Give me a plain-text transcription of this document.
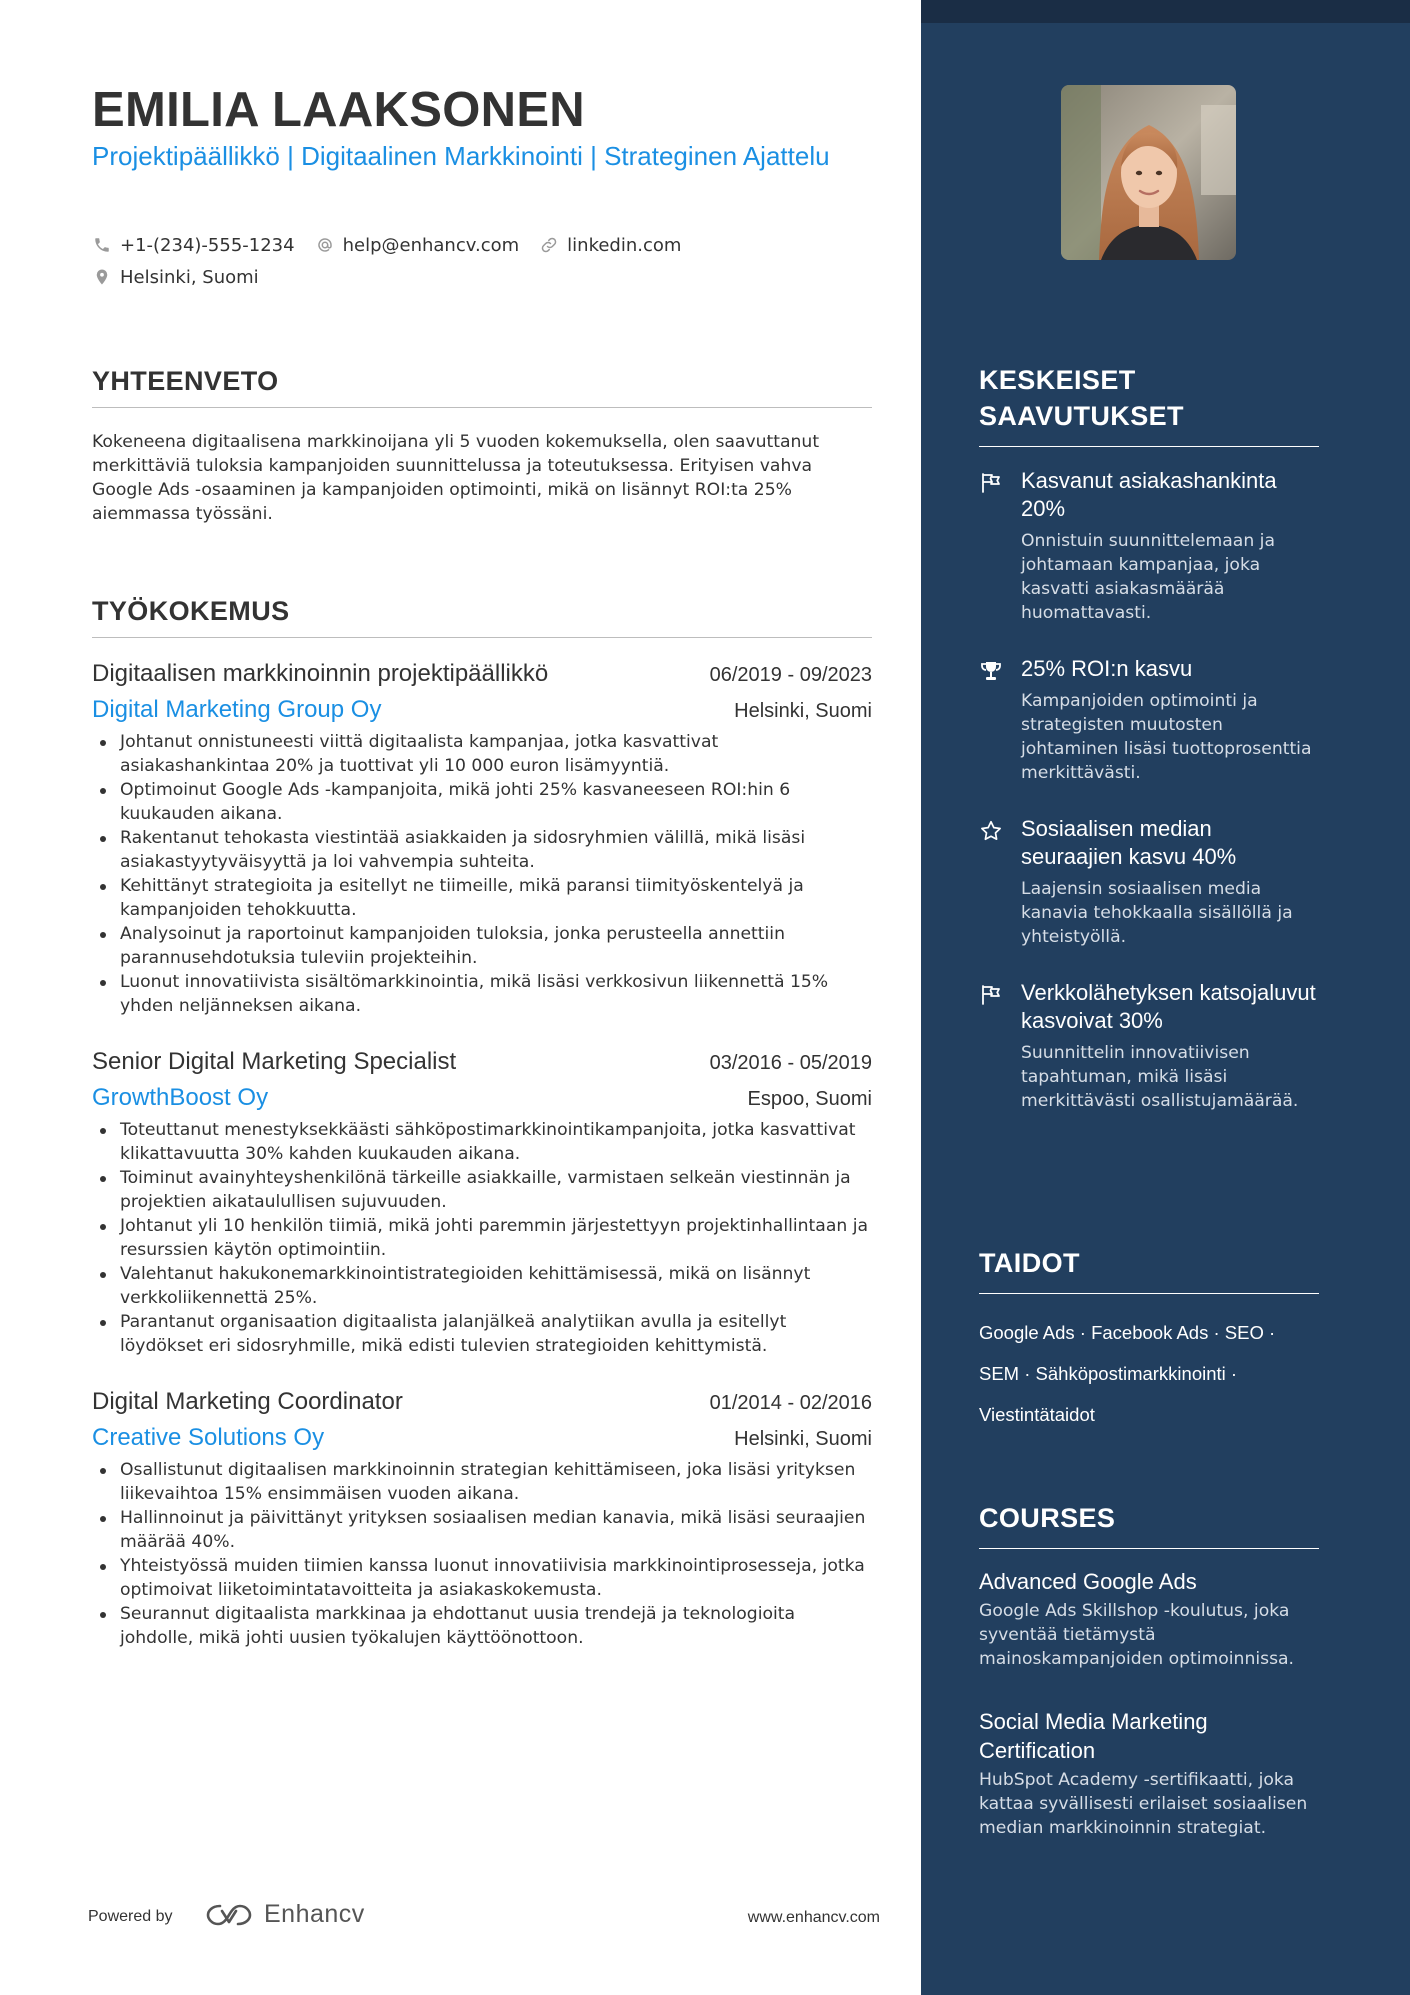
EMILIA LAAKSONEN
Projektipäällikkö | Digitaalinen Markkinointi | Strateginen Ajattelu
+1-(234)-555-1234	help@enhancv.com	linkedin.com
Helsinki, Suomi
YHTEENVETO

Kokeneena digitaalisena markkinoijana yli 5 vuoden kokemuksella, olen saavuttanut merkittäviä tuloksia kampanjoiden suunnittelussa ja toteutuksessa. Erityisen vahva Google Ads -osaaminen ja kampanjoiden optimointi, mikä on lisännyt ROI:ta 25% aiemmassa työssäni.

TYÖKOKEMUS
Digitaalisen markkinoinnin projektipäällikkö	06/2019 - 09/2023
Digital Marketing Group Oy	Helsinki, Suomi
Johtanut onnistuneesti viittä digitaalista kampanjaa, jotka kasvattivat asiakashankintaa 20% ja tuottivat yli 10 000 euron lisämyyntiä.
Optimoinut Google Ads -kampanjoita, mikä johti 25% kasvaneeseen ROI:hin 6 kuukauden aikana.
Rakentanut tehokasta viestintää asiakkaiden ja sidosryhmien välillä, mikä lisäsi asiakastyytyväisyyttä ja loi vahvempia suhteita.
Kehittänyt strategioita ja esitellyt ne tiimeille, mikä paransi tiimityöskentelyä ja kampanjoiden tehokkuutta.
Analysoinut ja raportoinut kampanjoiden tuloksia, jonka perusteella annettiin parannusehdotuksia tuleviin projekteihin.
Luonut innovatiivista sisältömarkkinointia, mikä lisäsi verkkosivun liikennettä 15% yhden neljänneksen aikana.
Senior Digital Marketing Specialist	03/2016 - 05/2019
GrowthBoost Oy	Espoo, Suomi
Toteuttanut menestyksekkäästi sähköpostimarkkinointikampanjoita, jotka kasvattivat klikattavuutta 30% kahden kuukauden aikana.
Toiminut avainyhteyshenkilönä tärkeille asiakkaille, varmistaen selkeän viestinnän ja projektien aikataulullisen sujuvuuden.
Johtanut yli 10 henkilön tiimiä, mikä johti paremmin järjestettyyn projektinhallintaan ja resurssien käytön optimointiin.
Valehtanut hakukonemarkkinointistrategioiden kehittämisessä, mikä on lisännyt verkkoliikennettä 25%.
Parantanut organisaation digitaalista jalanjälkeä analytiikan avulla ja esitellyt löydökset eri sidosryhmille, mikä edisti tulevien strategioiden kehittymistä.
Digital Marketing Coordinator	01/2014 - 02/2016
Creative Solutions Oy	Helsinki, Suomi
Osallistunut digitaalisen markkinoinnin strategian kehittämiseen, joka lisäsi yrityksen liikevaihtoa 15% ensimmäisen vuoden aikana.
Hallinnoinut ja päivittänyt yrityksen sosiaalisen median kanavia, mikä lisäsi seuraajien määrää 40%.
Yhteistyössä muiden tiimien kanssa luonut innovatiivisia markkinointiprosesseja, jotka optimoivat liiketoimintatavoitteita ja asiakaskokemusta.
Seurannut digitaalista markkinaa ja ehdottanut uusia trendejä ja teknologioita johdolle, mikä johti uusien työkalujen käyttöönottoon.
Powered by	Enhancv	www.enhancv.com
KESKEISET SAAVUTUKSET
Kasvanut asiakashankinta 20%
Onnistuin suunnittelemaan ja johtamaan kampanjaa, joka kasvatti asiakasmäärää huomattavasti.
25% ROI:n kasvu
Kampanjoiden optimointi ja strategisten muutosten johtaminen lisäsi tuottoprosenttia merkittävästi.
Sosiaalisen median seuraajien kasvu 40%
Laajensin sosiaalisen media kanavia tehokkaalla sisällöllä ja yhteistyöllä.
Verkkolähetyksen katsojaluvut kasvoivat 30%
Suunnittelin innovatiivisen tapahtuman, mikä lisäsi merkittävästi osallistujamäärää.
TAIDOT
Google Ads · Facebook Ads · SEO · SEM · Sähköpostimarkkinointi · Viestintätaidot
COURSES
Advanced Google Ads
Google Ads Skillshop -koulutus, joka syventää tietämystä mainoskampanjoiden optimoinnissa.
Social Media Marketing Certification
HubSpot Academy -sertifikaatti, joka kattaa syvällisesti erilaiset sosiaalisen median markkinoinnin strategiat.
